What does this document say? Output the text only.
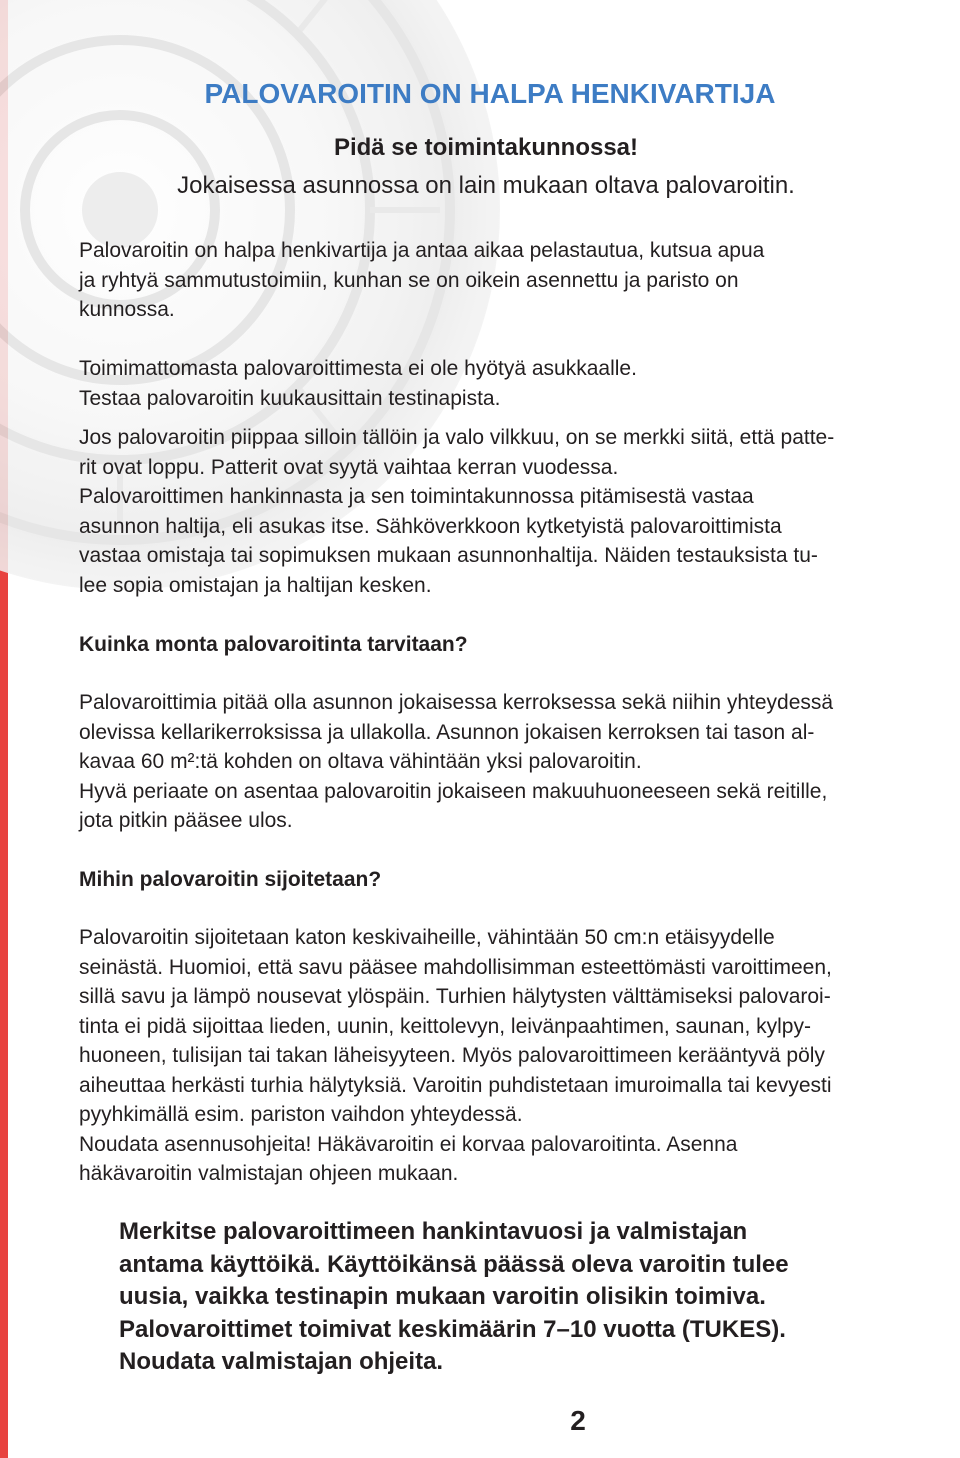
PALOVAROITIN ON HALPA HENKIVARTIJA
Pidä se toimintakunnossa!
Jokaisessa asunnossa on lain mukaan oltava palovaroitin.

Palovaroitin on halpa henkivartija ja antaa aikaa pelastautua, kutsua apua
ja ryhtyä sammutustoimiin, kunhan se on oikein asennettu ja paristo on
kunnossa.

Toimimattomasta palovaroittimesta ei ole hyötyä asukkaalle.
Testaa palovaroitin kuukausittain testinapista.

Jos palovaroitin piippaa silloin tällöin ja valo vilkkuu, on se merkki siitä, että patte-
rit ovat loppu. Patterit ovat syytä vaihtaa kerran vuodessa.
Palovaroittimen hankinnasta ja sen toimintakunnossa pitämisestä vastaa
asunnon haltija, eli asukas itse. Sähköverkkoon kytketyistä palovaroittimista
vastaa omistaja tai sopimuksen mukaan asunnonhaltija. Näiden testauksista tu-
lee sopia omistajan ja haltijan kesken.

Kuinka monta palovaroitinta tarvitaan?

Palovaroittimia pitää olla asunnon jokaisessa kerroksessa sekä niihin yhteydessä
olevissa kellarikerroksissa ja ullakolla. Asunnon jokaisen kerroksen tai tason al-
kavaa 60 m²:tä kohden on oltava vähintään yksi palovaroitin.
Hyvä periaate on asentaa palovaroitin jokaiseen makuuhuoneeseen sekä reitille,
jota pitkin pääsee ulos.

Mihin palovaroitin sijoitetaan?

Palovaroitin sijoitetaan katon keskivaiheille, vähintään 50 cm:n etäisyydelle
seinästä. Huomioi, että savu pääsee mahdollisimman esteettömästi varoittimeen,
sillä savu ja lämpö nousevat ylöspäin. Turhien hälytysten välttämiseksi palovaroi-
tinta ei pidä sijoittaa lieden, uunin, keittolevyn, leivänpaahtimen, saunan, kylpy-
huoneen, tulisijan tai takan läheisyyteen. Myös palovaroittimeen kerääntyvä pöly
aiheuttaa herkästi turhia hälytyksiä. Varoitin puhdistetaan imuroimalla tai kevyesti
pyyhkimällä esim. pariston vaihdon yhteydessä.
Noudata asennusohjeita! Häkävaroitin ei korvaa palovaroitinta. Asenna
häkävaroitin valmistajan ohjeen mukaan.

Merkitse palovaroittimeen hankintavuosi ja valmistajan
antama käyttöikä. Käyttöikänsä päässä oleva varoitin tulee
uusia, vaikka testinapin mukaan varoitin olisikin toimiva.
Palovaroittimet toimivat keskimäärin 7–10 vuotta (TUKES).
Noudata valmistajan ohjeita.

2
